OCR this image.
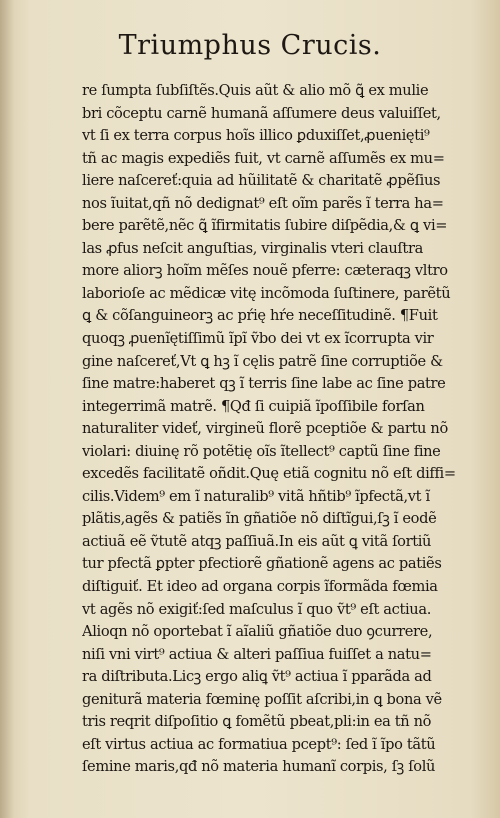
Triumphus Crucis.
re ſumpta ſubſiſtẽs.Quis aũt & alio mõ ꝗ̃ ex mulie
bri cõceptu carnẽ humanã aſſumere deus valuiſſet,
vt ſi ex terra corpus hoĩs illico ꝑduxiſſet,ꝓuenięti⁹
tñ ac magis expediẽs fuit, vt carnẽ aſſumẽs ex mu=
liere naſcereť:quia ad hũilitatẽ & charitatẽ ꝓpẽſius
nos ĩuitat,qñ nõ dedignat⁹ eſt oĩm parẽs ĩ terra ha=
bere parẽtẽ,nẽc ꝗ̃ ĩfirmitatis ſubire diſpẽdia,& ꝗ vi=
las ꝓfus neſcit anguſtias, virginalis vteri clauſtra
more aliorꝫ hoĩm mẽſes nouẽ pferre: cæteraqꝫ vltro
laborioſe ac mẽdicæ vitę incõmoda ſuſtinere, parẽtũ
ꝗ & cõſanguineorꝫ ac pŕię hŕe neceſſitudinẽ. ¶Fuit
quoqꝫ ꝓuenĩętiſſimũ ĩpĩ ṽbo dei vt ex ĩcorrupta vir
gine naſcereť,Vt ꝗ hꝫ ĩ cęlis patrẽ ſine corruptiõe &
ſine matre:haberet qꝫ ĩ terris ſine labe ac ſine patre
integerrimã matrẽ. ¶Qđ ſi cuipiã ĩpoſſibile forſan
naturaliter videť, virgineũ florẽ pceptiõe & partu nõ
violari: diuinę rõ potẽtię oĩs ĩtellect⁹ captũ ſine fine
excedẽs facilitatẽ oñdit.Quę etiã cognitu nõ eſt diffi=
cilis.Videm⁹ em ĩ naturalib⁹ vitã hñtib⁹ ĩpfectã,vt ĩ
plãtis,agẽs & patiẽs ĩn gñatiõe nõ diſtĩgui,ſꝫ ĩ eodẽ
actiuã eẽ ṽtutẽ atqꝫ paſſiuã.In eis aũt ꝗ vitã ſortiũ
tur pfectã ꝑpter pfectiorẽ gñationẽ agens ac patiẽs
diſtiguiť. Et ideo ad organa corpis ĩformãda fœmia
vt agẽs nõ exigiť:ſed maſculus ĩ quo ṽt⁹ eſt actiua.
Alioqn nõ oportebat ĩ aĩaliũ gñatiõe duo ꝯcurrere,
niſi vni virt⁹ actiua & alteri paſſiua fuiſſet a natu=
ra diſtributa.Licꝫ ergo aliꝗ ṽt⁹ actiua ĩ pparãda ad
geniturã materia fœminę poſſit aſcribi,in ꝗ bona vẽ
tris reqrit diſpoſitio ꝗ fomẽtũ pbeat,pli:in ea tñ nõ
eſt virtus actiua ac formatiua pcept⁹: ſed ĩ ĩpo tãtũ
ſemine maris,qđ nõ materia humanĩ corpis, ſꝫ ſolũ
